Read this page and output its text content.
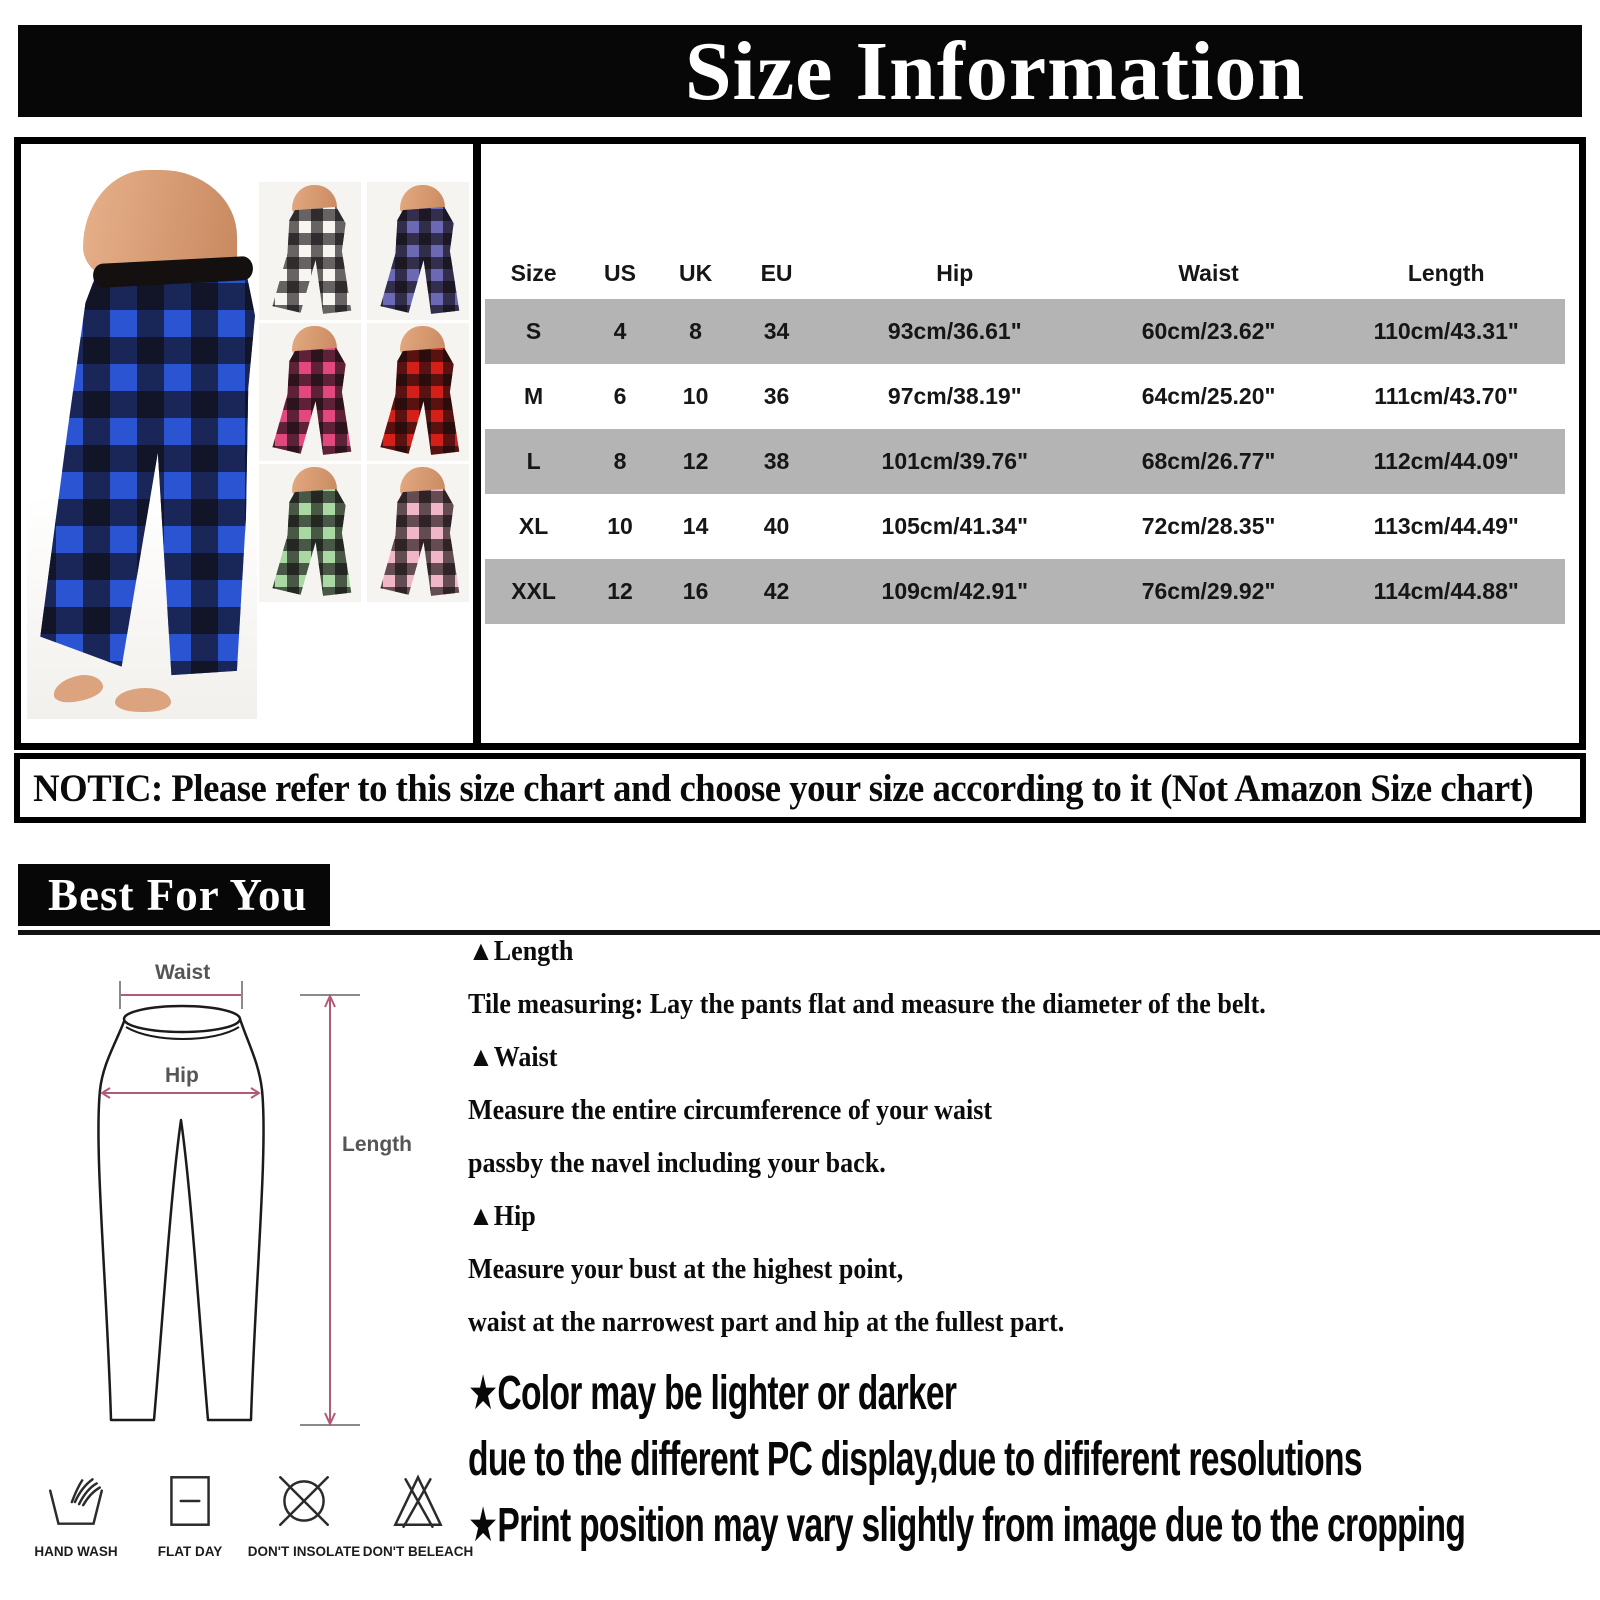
Size Information
Size	US	UK	EU	Hip	Waist	Length
S	4	8	34	93cm/36.61"	60cm/23.62"	110cm/43.31"
M	6	10	36	97cm/38.19"	64cm/25.20"	111cm/43.70"
L	8	12	38	101cm/39.76"	68cm/26.77"	112cm/44.09"
XL	10	14	40	105cm/41.34"	72cm/28.35"	113cm/44.49"
XXL	12	16	42	109cm/42.91"	76cm/29.92"	114cm/44.88"
NOTIC: Please refer to this size chart and choose your size according to it (Not Amazon Size chart)
Best For You
Waist
Hip
Length

▲Length

Tile measuring: Lay the pants flat and measure the diameter of the belt.

▲Waist

Measure the entire circumference of your waist

passby the navel including your back.

▲Hip

Measure your bust at the highest point,

waist at the narrowest part and hip at the fullest part.

★Color may be lighter or darker
due to the different PC display,due to dififerent resolutions
★Print position may vary slightly from image due to the cropping
HAND WASH	FLAT DAY DON'T INSOLATE DON'T BELEACH
